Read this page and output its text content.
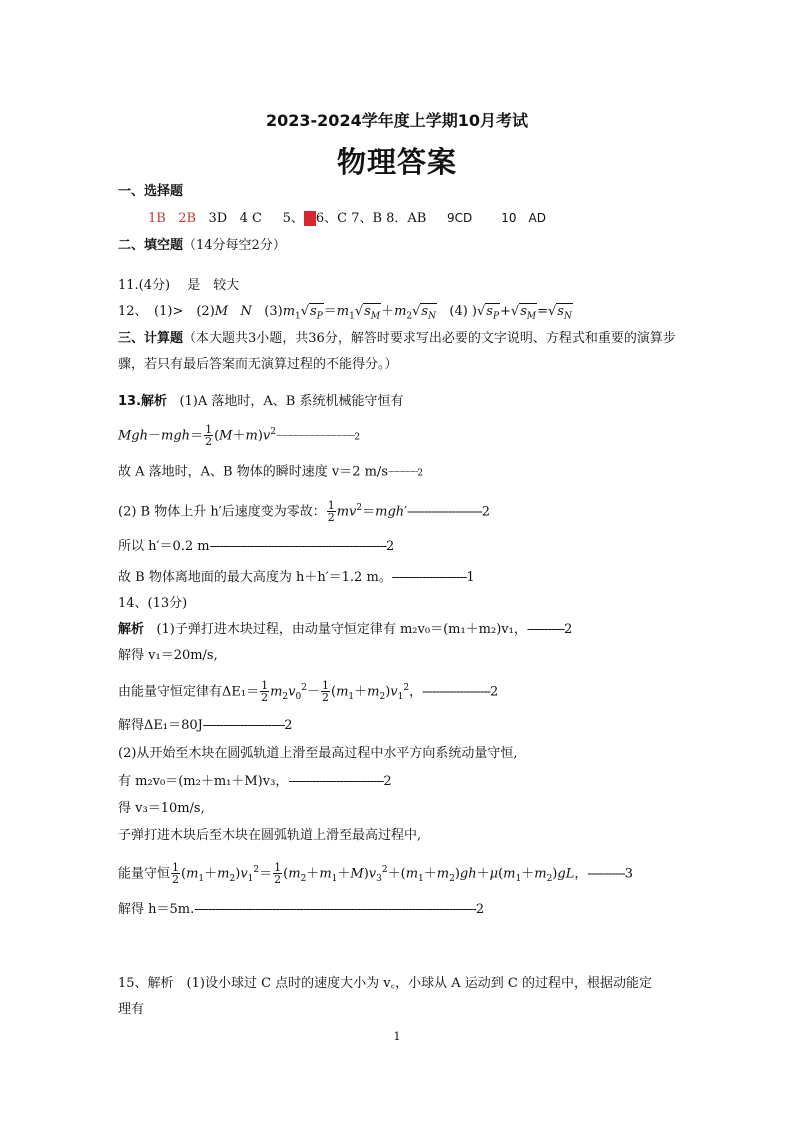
2023-2024学年度上学期10月考试
物理答案
一、选择题
1B 2B 3D 4 C 5、C6、C 7、B 8．AB 9CD 10　AD
二、填空题（14分每空2分）
11.(4分)　 是　较大
12、　(1)>　(2)M N $(3)m_1√s_P=m_1√s_M+m_2√s_N$ (4) )$√s_P+√s_M=√s_N$
三、计算题（本大题共3小题，共36分，解答时要求写出必要的文字说明、方程式和重要的演算步骤，若只有最后答案而无演算过程的不能得分。）
13.解析 (1)A 落地时，A、B 系统机械能守恒有
$Mgh-mgh= \frac{1}{2} (M+m)v^2\cdot\cdot\cdot\cdot\cdot\cdot\cdot\cdot\cdot\cdot\cdot\cdot\cdot\cdot\cdot\cdot\cdot\cdot\cdot\cdot\cdot\cdot\cdot\cdot\cdot\cdot\cdot\cdot\cdot\cdot\cdot\cdot\cdot\cdot\cdot\cdot\cdot\cdot\cdot\cdot\cdot\cdot\cdot\cdot\cdot\cdot\cdot\cdot\cdot\cdot\cdot\cdot\cdot\cdot\cdot\cdot\cdot\cdot\cdot\cdot\cdot\cdot\cdot\cdot 2$
故 A 落地时，A、B 物体的瞬时速度 v＝2 m/s························2
(2) B 物体上升 h′后速度变为零故： $\frac{1}{2} mv^2=mgh'----------------------2$
所以 h′＝0.2 m----------------------------------------------------2
故 B 物体离地面的最大高度为 h＋h′＝1.2 m。----------------------1
14、(13分)
解析 (1)子弹打进木块过程，由动量守恒定律有 m₂v₀＝(m₁＋m₂)v₁，-----------2
解得 v₁＝20m/s,
由能量守恒定律有$\Delta E_1= \frac{1}{2} m_2v_0^2- \frac{1}{2} (m_1+m_2)v_1^2$，--------------------2
解得ΔE₁＝80J------------------------2
(2)从开始至木块在圆弧轨道上滑至最高过程中水平方向系统动量守恒,
有 m₂v₀＝(m₂＋m₁＋M)v₃，----------------------------2
得 v₃＝10m/s,
子弹打进木块后至木块在圆弧轨道上滑至最高过程中,
能量守恒 $\frac{1}{2} (m_1+m_2)v_1^2= \frac{1}{2} (m_2+m_1+M)v_3^2+(m_1+m_2)gh+\mu(m_1+m_2)gL$，-----------3
解得 h＝5m.-----------------------------------------------------------------------------------2
15、解析　(1)设小球过 C 点时的速度大小为 v꜀，小球从 A 运动到 C 的过程中，根据动能定
理有
1
